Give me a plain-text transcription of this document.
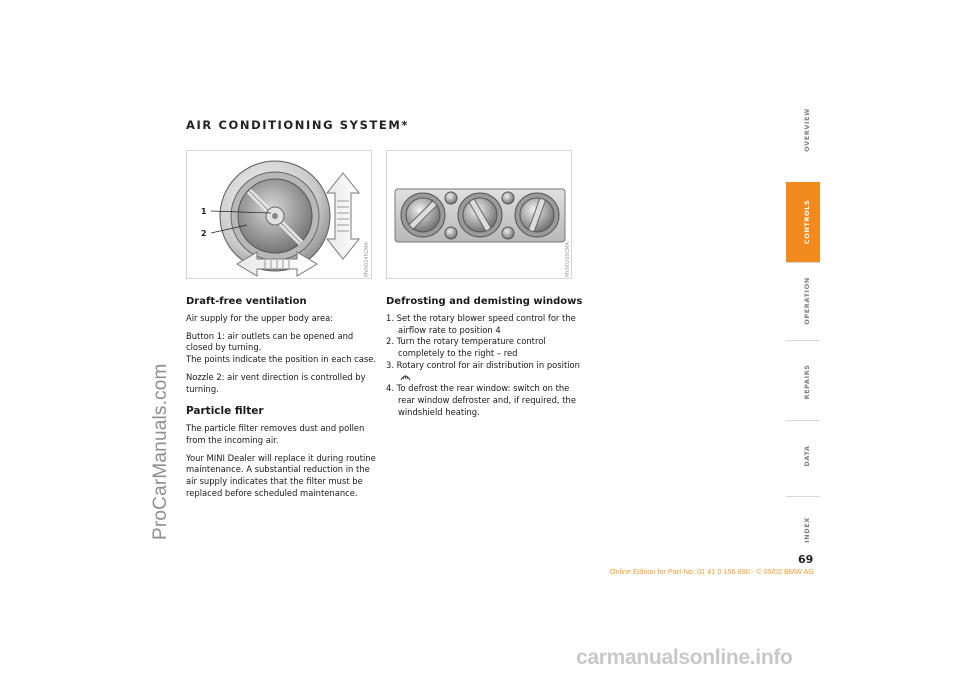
ProCarManuals.com
AIR CONDITIONING SYSTEM*
1
2
MV00245CMA	MV00200CMA
Draft-free ventilation

Air supply for the upper body area:

Button 1: air outlets can be opened and closed by turning.
The points indicate the position in each case.

Nozzle 2: air vent direction is controlled by turning.

Particle filter

The particle filter removes dust and pollen from the incoming air.

Your MINI Dealer will replace it during routine maintenance. A substantial reduction in the air supply indicates that the filter must be replaced before scheduled maintenance.

Defrosting and demisting windows
1. Set the rotary blower speed control for the airflow rate to position 4
2. Turn the rotary temperature control completely to the right – red
3. Rotary control for air distribution in position
4. To defrost the rear window: switch on the rear window defroster and, if required, the windshield heating.
OVERVIEW
CONTROLS
OPERATION
REPAIRS
DATA
INDEX
69
Online Edition for Part-No. 01 41 0 156 890 - © 09/02 BMW AG
carmanualsonline.info
